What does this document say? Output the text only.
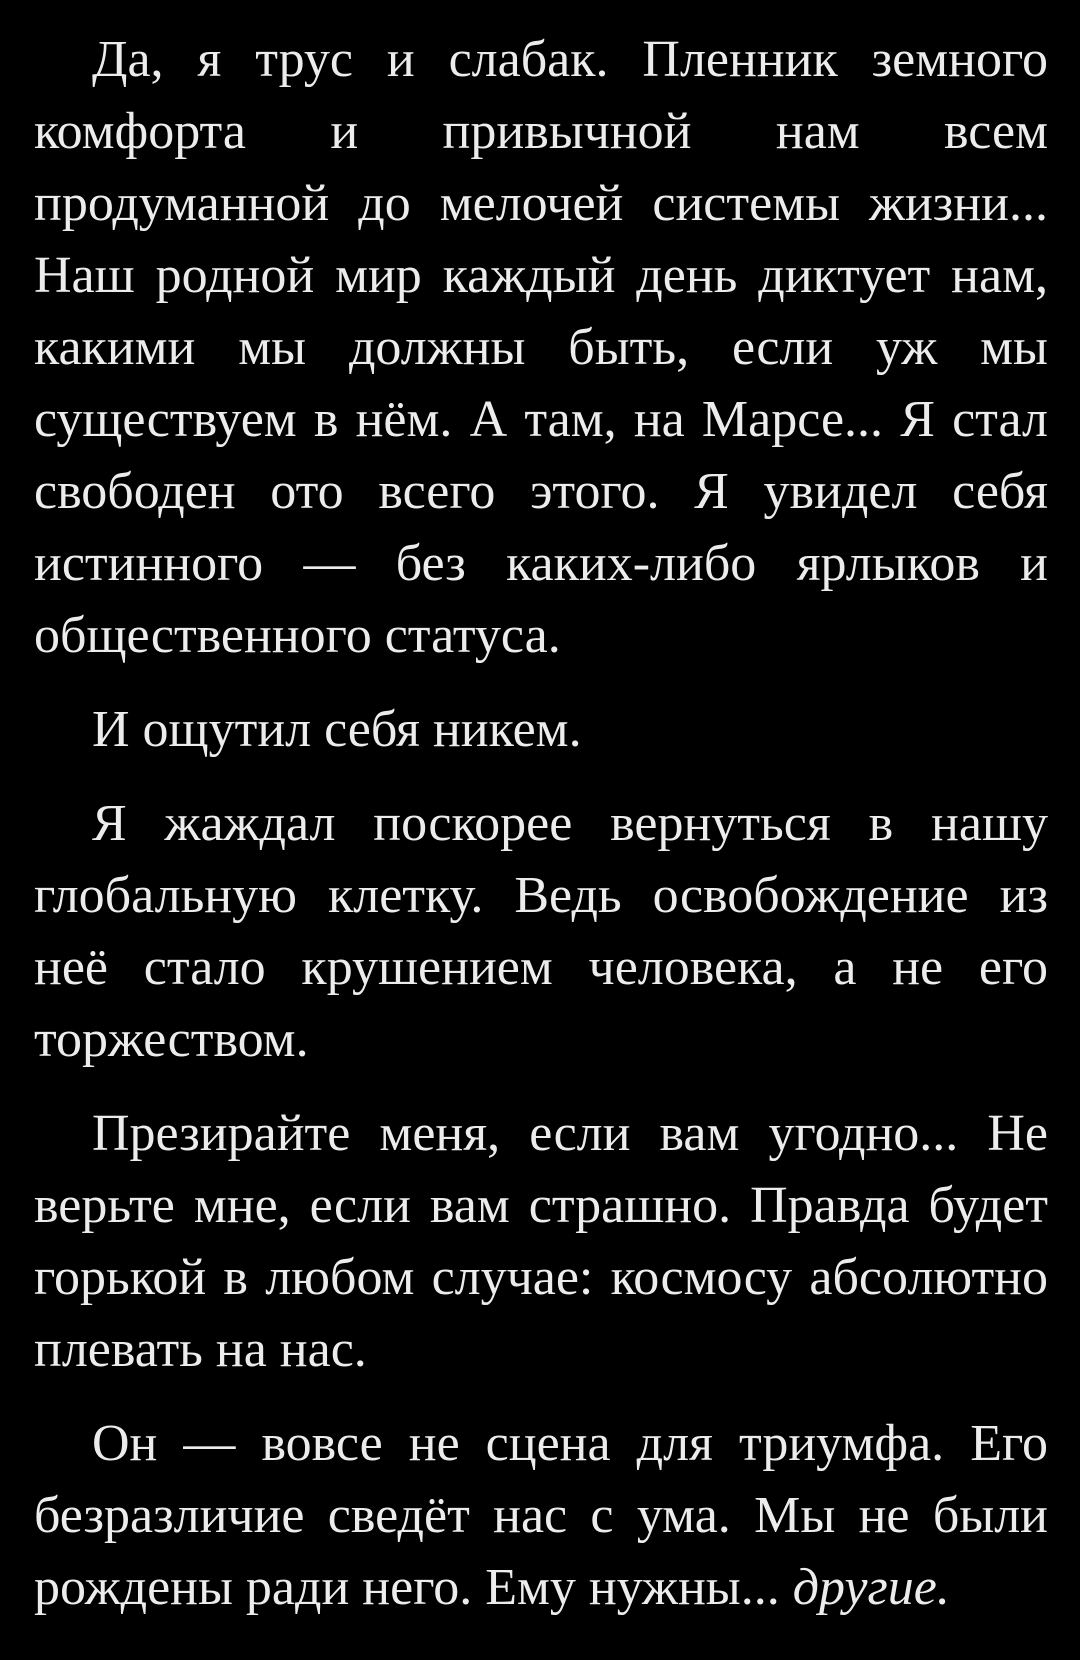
Да, я трус и слабак. Пленник земного комфорта и привычной нам всем продуманной до мелочей системы жизни... Наш родной мир каждый день диктует нам, какими мы должны быть, если уж мы существуем в нём. А там, на Марсе... Я стал свободен ото всего этого. Я увидел себя истинного — без каких-либо ярлыков и общественного статуса.

И ощутил себя никем.

Я жаждал поскорее вернуться в нашу глобальную клетку. Ведь освобождение из неё стало крушением человека, а не его торжеством.

Презирайте меня, если вам угодно... Не верьте мне, если вам страшно. Правда будет горькой в любом случае: космосу абсолютно плевать на нас.

Он — вовсе не сцена для триумфа. Его безразличие сведёт нас с ума. Мы не были рождены ради него. Ему нужны... другие.
